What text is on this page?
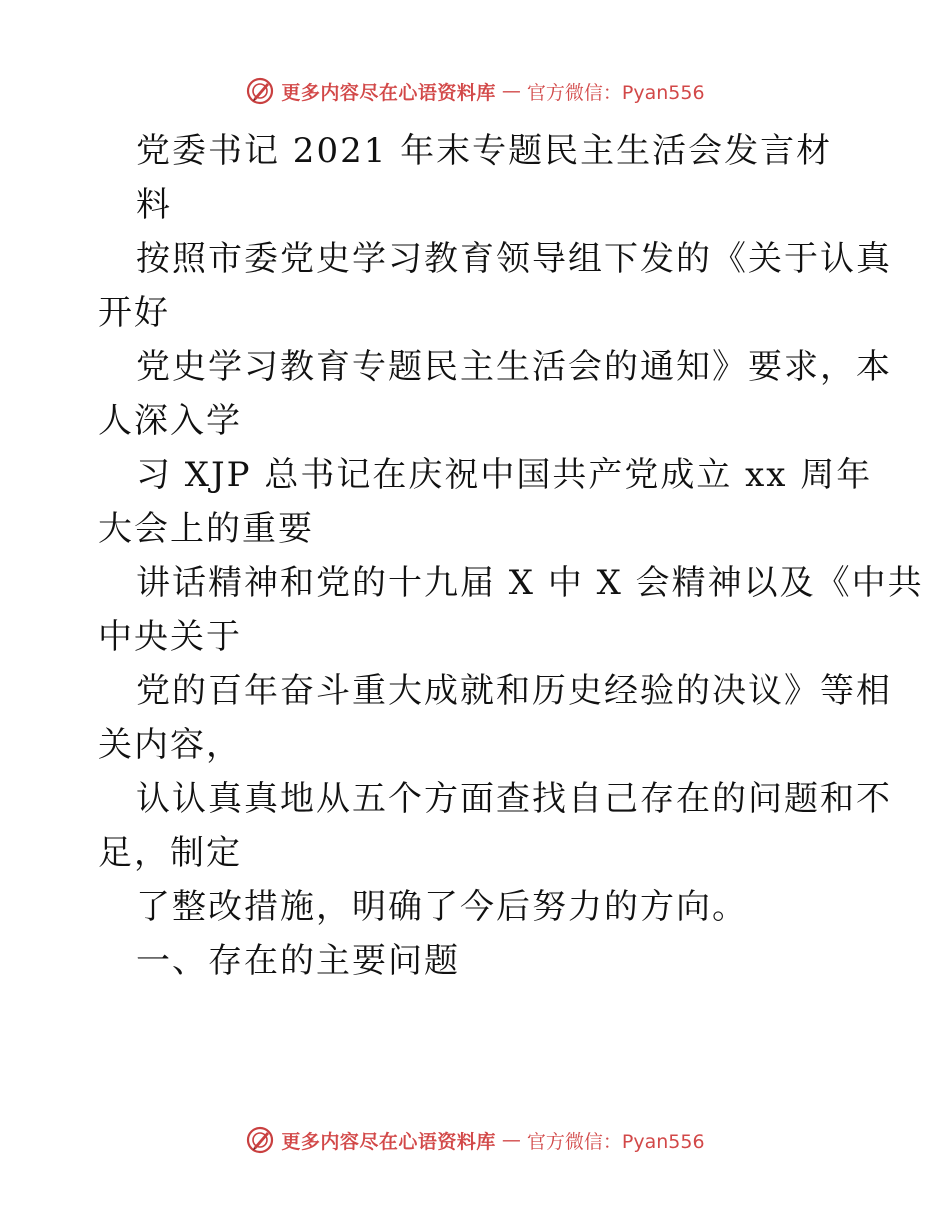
更多内容尽在心语资料库 — 官方微信：Pyan556
党委书记 2021 年末专题民主生活会发言材
料
按照市委党史学习教育领导组下发的《关于认真
开好
党史学习教育专题民主生活会的通知》要求，本
人深入学
习 XJP 总书记在庆祝中国共产党成立 xx 周年
大会上的重要
讲话精神和党的十九届 X 中 X 会精神以及《中共
中央关于
党的百年奋斗重大成就和历史经验的决议》等相
关内容，
认认真真地从五个方面查找自己存在的问题和不
足，制定
了整改措施，明确了今后努力的方向。
一、存在的主要问题
更多内容尽在心语资料库 — 官方微信：Pyan556
